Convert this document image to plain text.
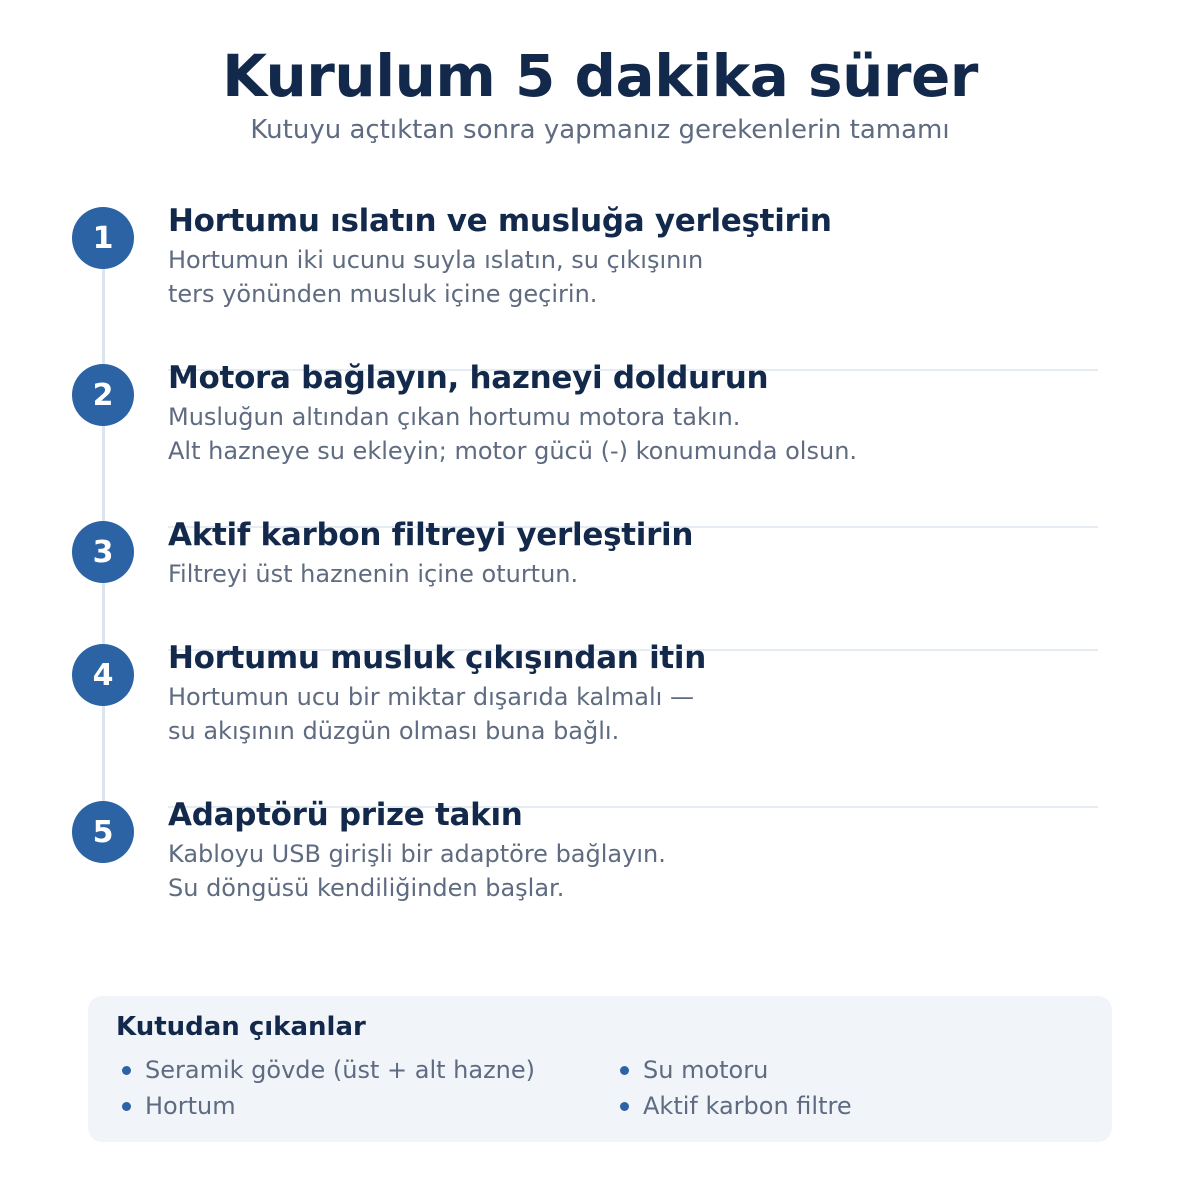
Kurulum 5 dakika sürer
Kutuyu açtıktan sonra yapmanız gerekenlerin tamamı
1	Hortumu ıslatın ve musluğa yerleştirin
Hortumun iki ucunu suyla ıslatın, su çıkışının
ters yönünden musluk içine geçirin.
2	Motora bağlayın, hazneyi doldurun
Musluğun altından çıkan hortumu motora takın.
Alt hazneye su ekleyin; motor gücü (-) konumunda olsun.
3	Aktif karbon filtreyi yerleştirin
Filtreyi üst haznenin içine oturtun.
4	Hortumu musluk çıkışından itin
Hortumun ucu bir miktar dışarıda kalmalı —
su akışının düzgün olması buna bağlı.
5	Adaptörü prize takın
Kabloyu USB girişli bir adaptöre bağlayın.
Su döngüsü kendiliğinden başlar.
Kutudan çıkanlar
Seramik gövde (üst + alt hazne)	Su motoru
Hortum	Aktif karbon filtre
